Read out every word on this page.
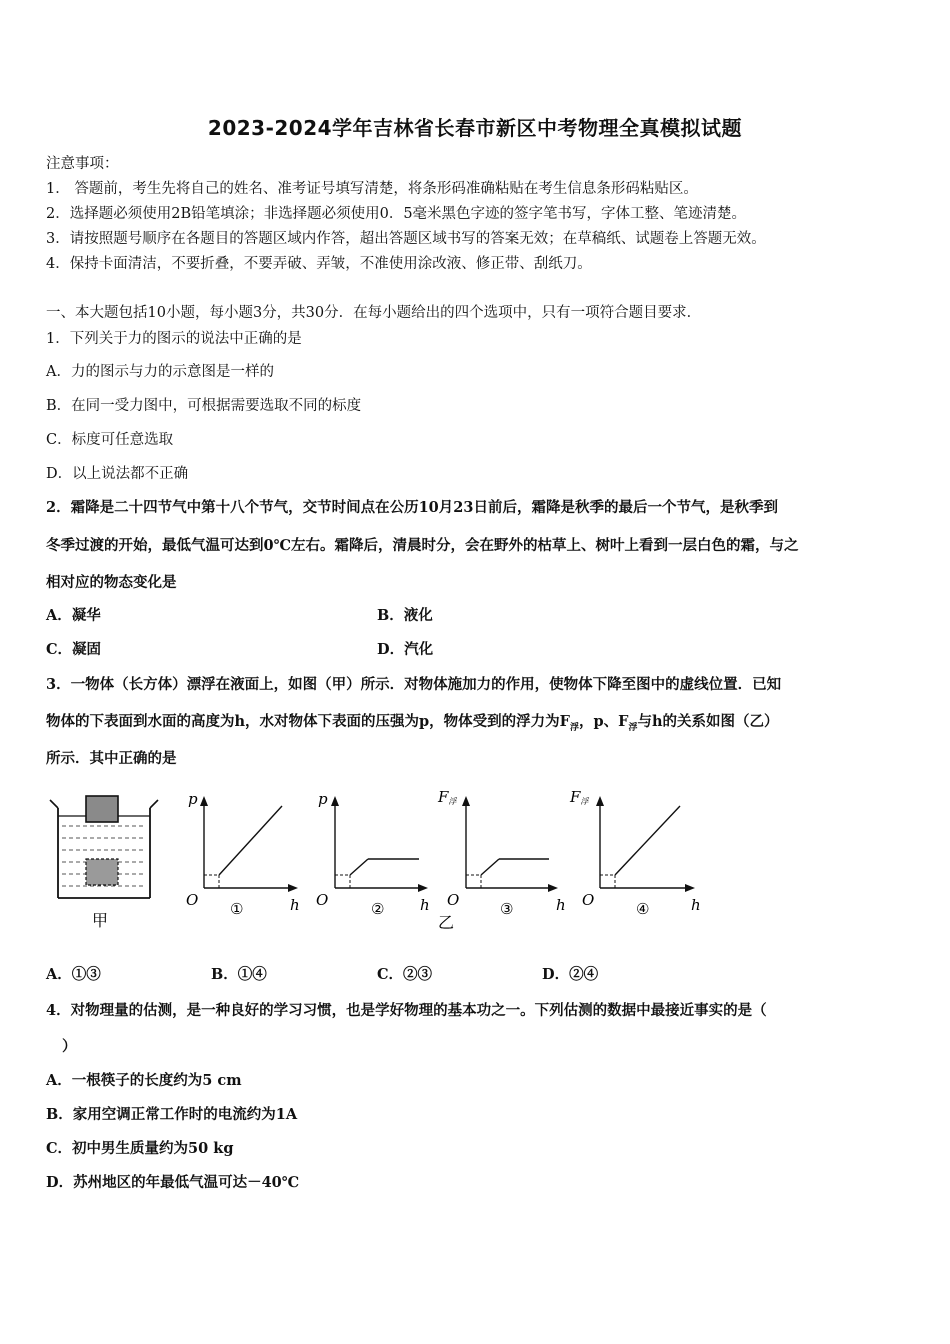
2023-2024学年吉林省长春市新区中考物理全真模拟试题
注意事项：
1． 答题前，考生先将自己的姓名、准考证号填写清楚，将条形码准确粘贴在考生信息条形码粘贴区。
2．选择题必须使用2B铅笔填涂；非选择题必须使用0．5毫米黑色字迹的签字笔书写，字体工整、笔迹清楚。
3．请按照题号顺序在各题目的答题区域内作答，超出答题区域书写的答案无效；在草稿纸、试题卷上答题无效。
4．保持卡面清洁，不要折叠，不要弄破、弄皱，不准使用涂改液、修正带、刮纸刀。
一、本大题包括10小题，每小题3分，共30分．在每小题给出的四个选项中，只有一项符合题目要求．
1．下列关于力的图示的说法中正确的是
A．力的图示与力的示意图是一样的
B．在同一受力图中，可根据需要选取不同的标度
C．标度可任意选取
D．以上说法都不正确
2．霜降是二十四节气中第十八个节气，交节时间点在公历10月23日前后，霜降是秋季的最后一个节气，是秋季到
冬季过渡的开始，最低气温可达到0℃左右。霜降后，清晨时分，会在野外的枯草上、树叶上看到一层白色的霜，与之
相对应的物态变化是
A．凝华	B．液化
C．凝固	D．汽化
3．一物体（长方体）漂浮在液面上，如图（甲）所示．对物体施加力的作用，使物体下降至图中的虚线位置．已知
物体的下表面到水面的高度为h，水对物体下表面的压强为p，物体受到的浮力为$F_浮$，p、$F_浮$与h的关系如图（乙）
所示．其中正确的是
甲
p
O ①	h
p
O	② h
乙
F浮
O	③	h
F浮
O	④	h
A．①③	B．①④	C．②③	D．②④
4．对物理量的估测，是一种良好的学习习惯，也是学好物理的基本功之一。下列估测的数据中最接近事实的是（
）
A．一根筷子的长度约为5 cm
B．家用空调正常工作时的电流约为1A
C．初中男生质量约为50 kg
D．苏州地区的年最低气温可达－40℃
